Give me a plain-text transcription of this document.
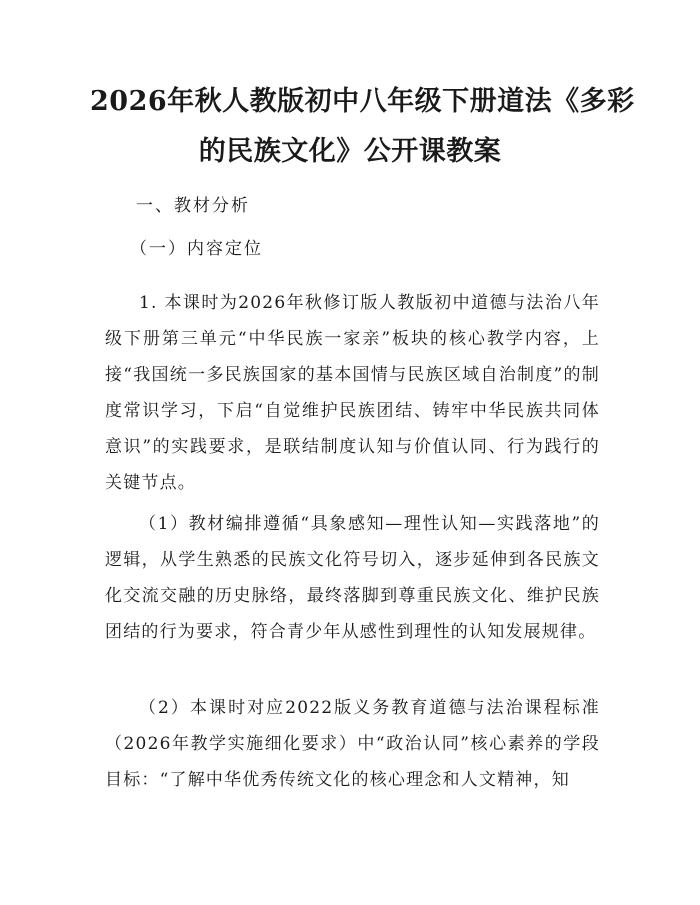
2026年秋人教版初中八年级下册道法《多彩
的民族文化》公开课教案
一、教材分析
（一）内容定位

1. 本课时为2026年秋修订版人教版初中道德与法治八年级下册第三单元“中华民族一家亲”板块的核心教学内容，上接“我国统一多民族国家的基本国情与民族区域自治制度”的制度常识学习，下启“自觉维护民族团结、铸牢中华民族共同体意识”的实践要求，是联结制度认知与价值认同、行为践行的关键节点。

（1）教材编排遵循“具象感知—理性认知—实践落地”的逻辑，从学生熟悉的民族文化符号切入，逐步延伸到各民族文化交流交融的历史脉络，最终落脚到尊重民族文化、维护民族团结的行为要求，符合青少年从感性到理性的认知发展规律。

（2）本课时对应2022版义务教育道德与法治课程标准（2026年教学实施细化要求）中“政治认同”核心素养的学段目标：“了解中华优秀传统文化的核心理念和人文精神，知
